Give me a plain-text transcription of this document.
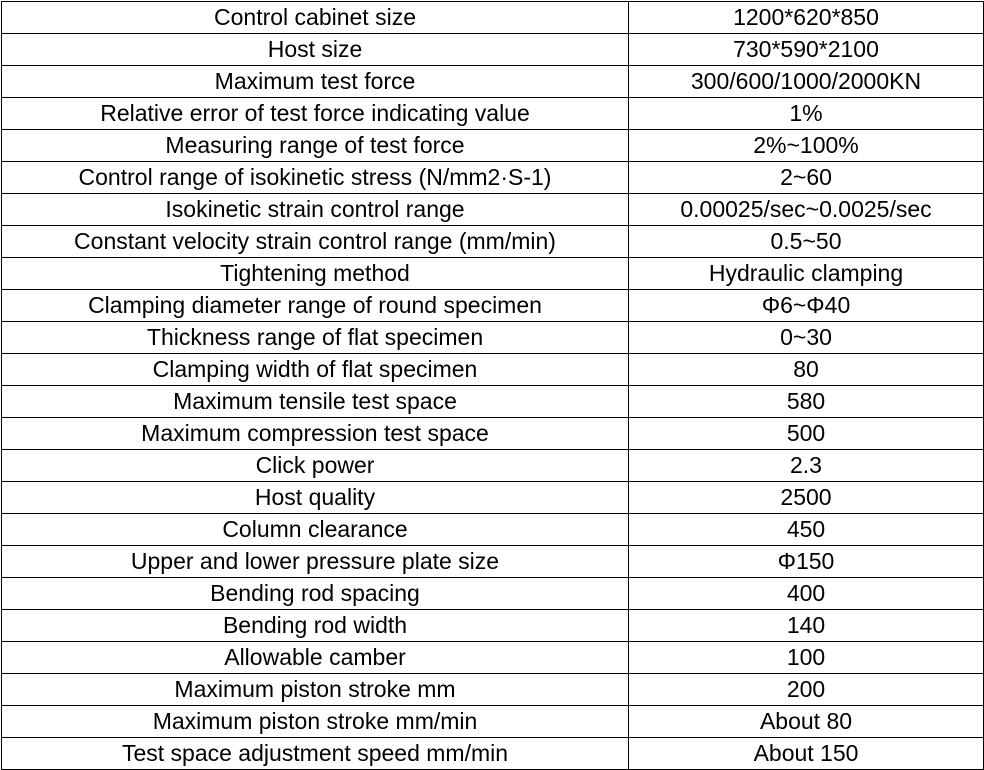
Control cabinet size	1200*620*850
Host size	730*590*2100
Maximum test force	300/600/1000/2000KN
Relative error of test force indicating value	1%
Measuring range of test force	2%~100%
Control range of isokinetic stress (N/mm2·S-1)	2~60
Isokinetic strain control range	0.00025/sec~0.0025/sec
Constant velocity strain control range (mm/min)	0.5~50
Tightening method	Hydraulic clamping
Clamping diameter range of round specimen	Φ6~Φ40
Thickness range of flat specimen	0~30
Clamping width of flat specimen	80
Maximum tensile test space	580
Maximum compression test space	500
Click power	2.3
Host quality	2500
Column clearance	450
Upper and lower pressure plate size	Φ150
Bending rod spacing	400
Bending rod width	140
Allowable camber	100
Maximum piston stroke mm	200
Maximum piston stroke mm/min	About 80
Test space adjustment speed mm/min	About 150
